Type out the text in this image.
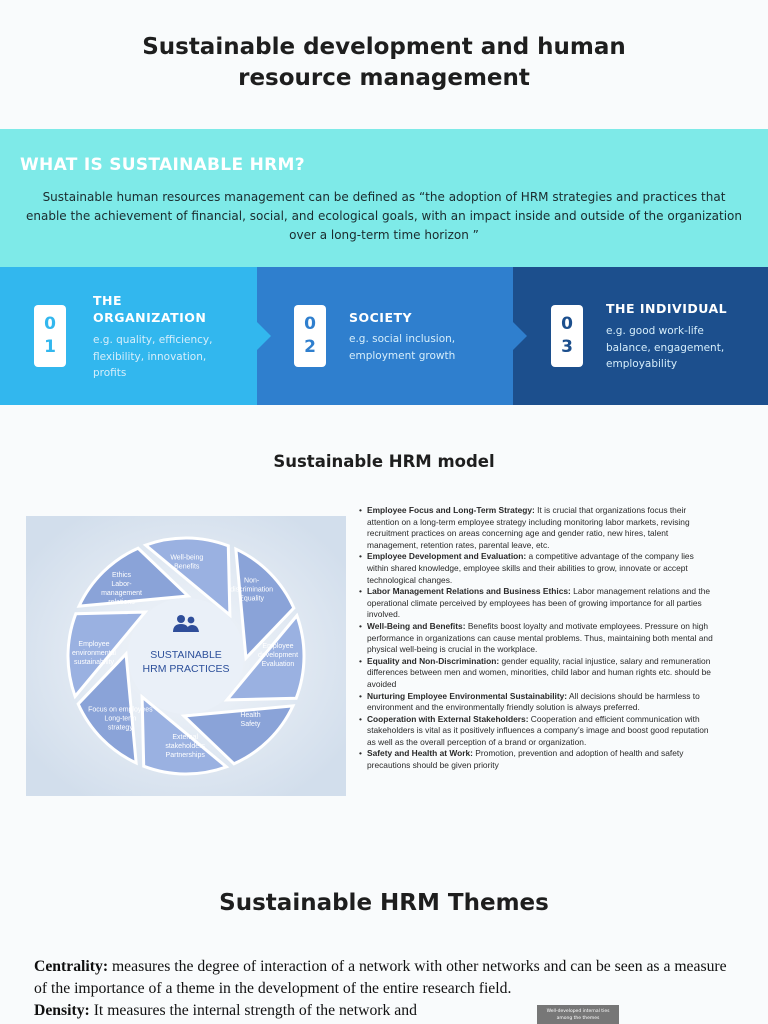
Sustainable development and human
resource management
WHAT IS SUSTAINABLE HRM?

Sustainable human resources management can be defined as “the adoption of HRM strategies and practices that enable the achievement of financial, social, and ecological goals, with an impact inside and outside of the organization over a long-term time horizon ”

0
1
THE
ORGANIZATION
e.g. quality, efficiency,
flexibility, innovation,
profits
0
2
SOCIETY
e.g. social inclusion,
employment growth
0
3
THE INDIVIDUAL
e.g. good work-life
balance, engagement,
employability
Sustainable HRM model
SUSTAINABLE
HRM PRACTICES
Well-being Benefits
Non-discrimination Equality
Employee development Evaluation
Health Safety
External stakeholders Partnerships
Focus on employees Long-term strategy
Employee environmental sustainability
Ethics Labor-management relations
• Employee Focus and Long-Term Strategy: It is crucial that organizations focus their attention on a long-term employee strategy including monitoring labor markets, revising recruitment practices on areas concerning age and gender ratio, new hires, talent management, retention rates, parental leave, etc.
• Employee Development and Evaluation: a competitive advantage of the company lies within shared knowledge, employee skills and their abilities to grow, innovate or accept technological changes.
• Labor Management Relations and Business Ethics: Labor management relations and the operational climate perceived by employees has been of growing importance for all parties involved.
• Well-Being and Benefits: Benefits boost loyalty and motivate employees. Pressure on high performance in organizations can cause mental problems. Thus, maintaining both mental and physical well-being is crucial in the workplace.
• Equality and Non-Discrimination: gender equality, racial injustice, salary and remuneration differences between men and women, minorities, child labor and human rights etc. should be avoided
• Nurturing Employee Environmental Sustainability: All decisions should be harmless to environment and the environmentally friendly solution is always preferred.
• Cooperation with External Stakeholders: Cooperation and efficient communication with stakeholders is vital as it positively influences a company’s image and boost good reputation as well as the overall perception of a brand or organization.
• Safety and Health at Work: Promotion, prevention and adoption of health and safety precautions should be given priority
Sustainable HRM Themes

Centrality: measures the degree of interaction of a network with other networks and can be seen as a measure of the importance of a theme in the development of the entire research field.
Density: It measures the internal strength of the network and	Well-developed internal ties
among the themes
